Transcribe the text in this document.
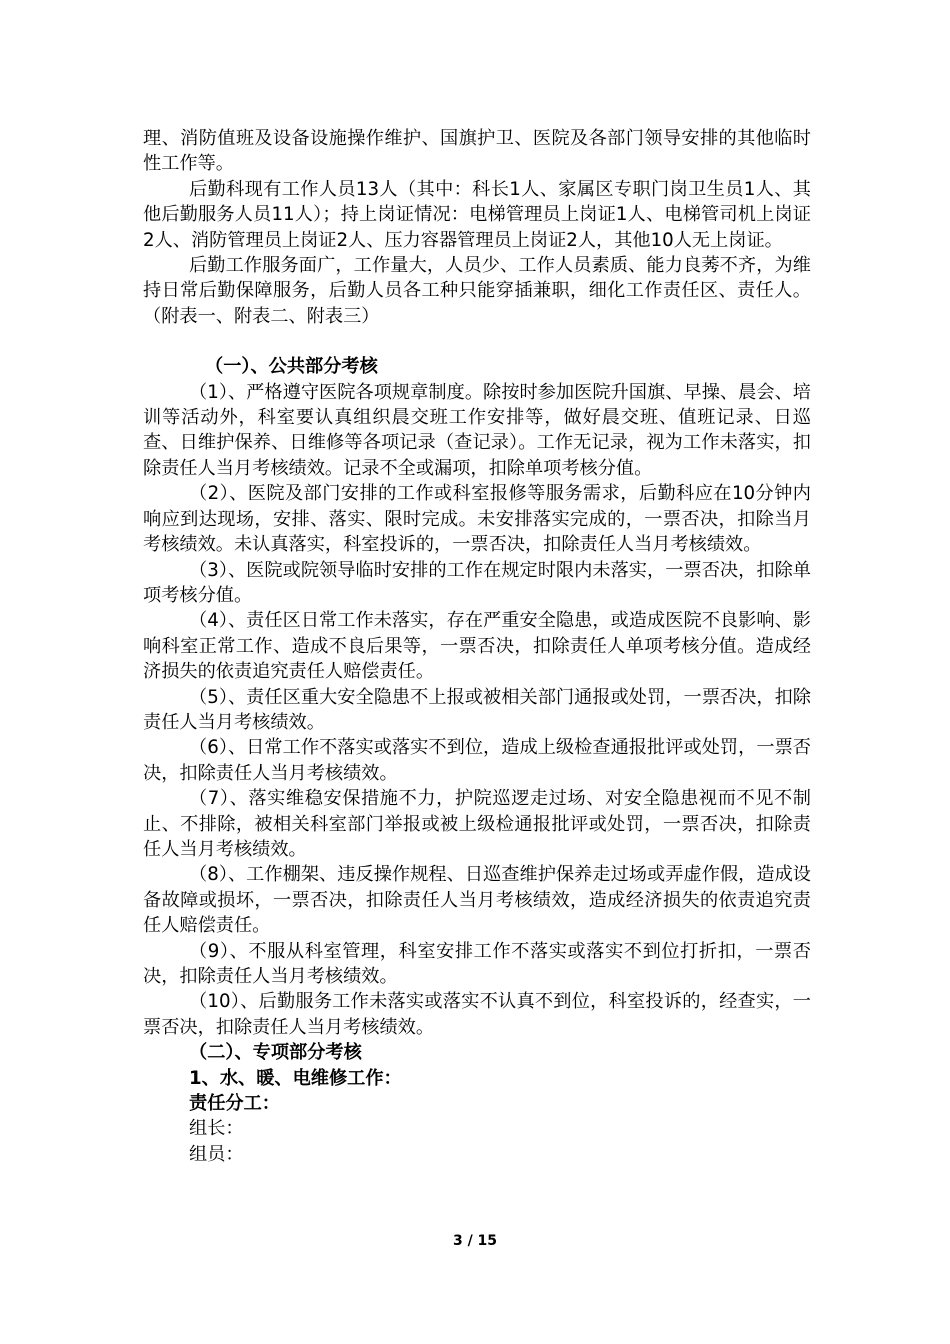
理、消防值班及设备设施操作维护、国旗护卫、医院及各部门领导安排的其他临时性工作等。

后勤科现有工作人员13人（其中：科长1人、家属区专职门岗卫生员1人、其他后勤服务人员11人）；持上岗证情况：电梯管理员上岗证1人、电梯管司机上岗证2人、消防管理员上岗证2人、压力容器管理员上岗证2人，其他10人无上岗证。

后勤工作服务面广，工作量大，人员少、工作人员素质、能力良莠不齐，为维持日常后勤保障服务，后勤人员各工种只能穿插兼职，细化工作责任区、责任人。（附表一、附表二、附表三）

（一）、公共部分考核

（1）、严格遵守医院各项规章制度。除按时参加医院升国旗、早操、晨会、培训等活动外，科室要认真组织晨交班工作安排等，做好晨交班、值班记录、日巡查、日维护保养、日维修等各项记录（查记录）。工作无记录，视为工作未落实，扣除责任人当月考核绩效。记录不全或漏项，扣除单项考核分值。

（2）、医院及部门安排的工作或科室报修等服务需求，后勤科应在10分钟内响应到达现场，安排、落实、限时完成。未安排落实完成的，一票否决，扣除当月考核绩效。未认真落实，科室投诉的，一票否决，扣除责任人当月考核绩效。

（3）、医院或院领导临时安排的工作在规定时限内未落实，一票否决，扣除单项考核分值。

（4）、责任区日常工作未落实，存在严重安全隐患，或造成医院不良影响、影响科室正常工作、造成不良后果等，一票否决，扣除责任人单项考核分值。造成经济损失的依责追究责任人赔偿责任。

（5）、责任区重大安全隐患不上报或被相关部门通报或处罚，一票否决，扣除责任人当月考核绩效。

（6）、日常工作不落实或落实不到位，造成上级检查通报批评或处罚，一票否决，扣除责任人当月考核绩效。

（7）、落实维稳安保措施不力，护院巡逻走过场、对安全隐患视而不见不制止、不排除，被相关科室部门举报或被上级检通报批评或处罚，一票否决，扣除责任人当月考核绩效。

（8）、工作棚架、违反操作规程、日巡查维护保养走过场或弄虚作假，造成设备故障或损坏，一票否决，扣除责任人当月考核绩效，造成经济损失的依责追究责任人赔偿责任。

（9）、不服从科室管理，科室安排工作不落实或落实不到位打折扣，一票否决，扣除责任人当月考核绩效。

（10）、后勤服务工作未落实或落实不认真不到位，科室投诉的，经查实，一票否决，扣除责任人当月考核绩效。

（二）、专项部分考核

1、水、暖、电维修工作：

责任分工：

组长：

组员：

3 / 15
